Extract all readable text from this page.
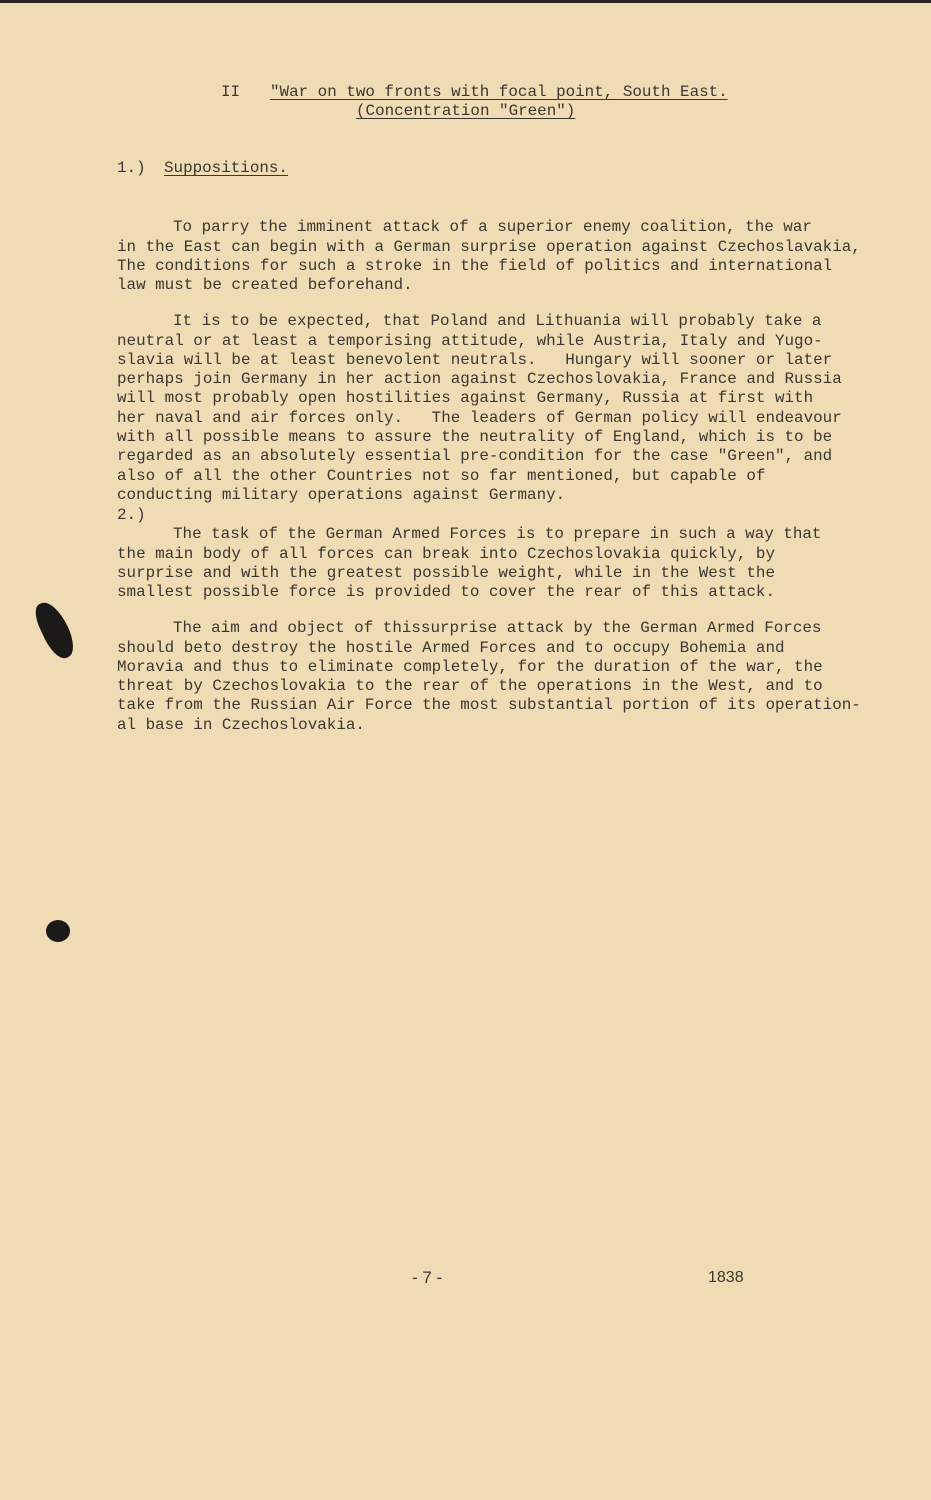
II "War on two fronts with focal point, South East.
(Concentration "Green")
1.) Suppositions.

To parry the imminent attack of a superior enemy coalition, the war
in the East can begin with a German surprise operation against Czechoslavakia,
The conditions for such a stroke in the field of politics and international
law must be created beforehand.

It is to be expected, that Poland and Lithuania will probably take a
neutral or at least a temporising attitude, while Austria, Italy and Yugo-
slavia will be at least benevolent neutrals.   Hungary will sooner or later
perhaps join Germany in her action against Czechoslovakia, France and Russia
will most probably open hostilities against Germany, Russia at first with
her naval and air forces only.   The leaders of German policy will endeavour
with all possible means to assure the neutrality of England, which is to be
regarded as an absolutely essential pre-condition for the case "Green", and
also of all the other Countries not so far mentioned, but capable of
conducting military operations against Germany.

2.)

The task of the German Armed Forces is to prepare in such a way that
the main body of all forces can break into Czechoslovakia quickly, by
surprise and with the greatest possible weight, while in the West the
smallest possible force is provided to cover the rear of this attack.

The aim and object of thissurprise attack by the German Armed Forces
should beto destroy the hostile Armed Forces and to occupy Bohemia and
Moravia and thus to eliminate completely, for the duration of the war, the
threat by Czechoslovakia to the rear of the operations in the West, and to
take from the Russian Air Force the most substantial portion of its operation-
al base in Czechoslovakia.

- 7 -	1838
